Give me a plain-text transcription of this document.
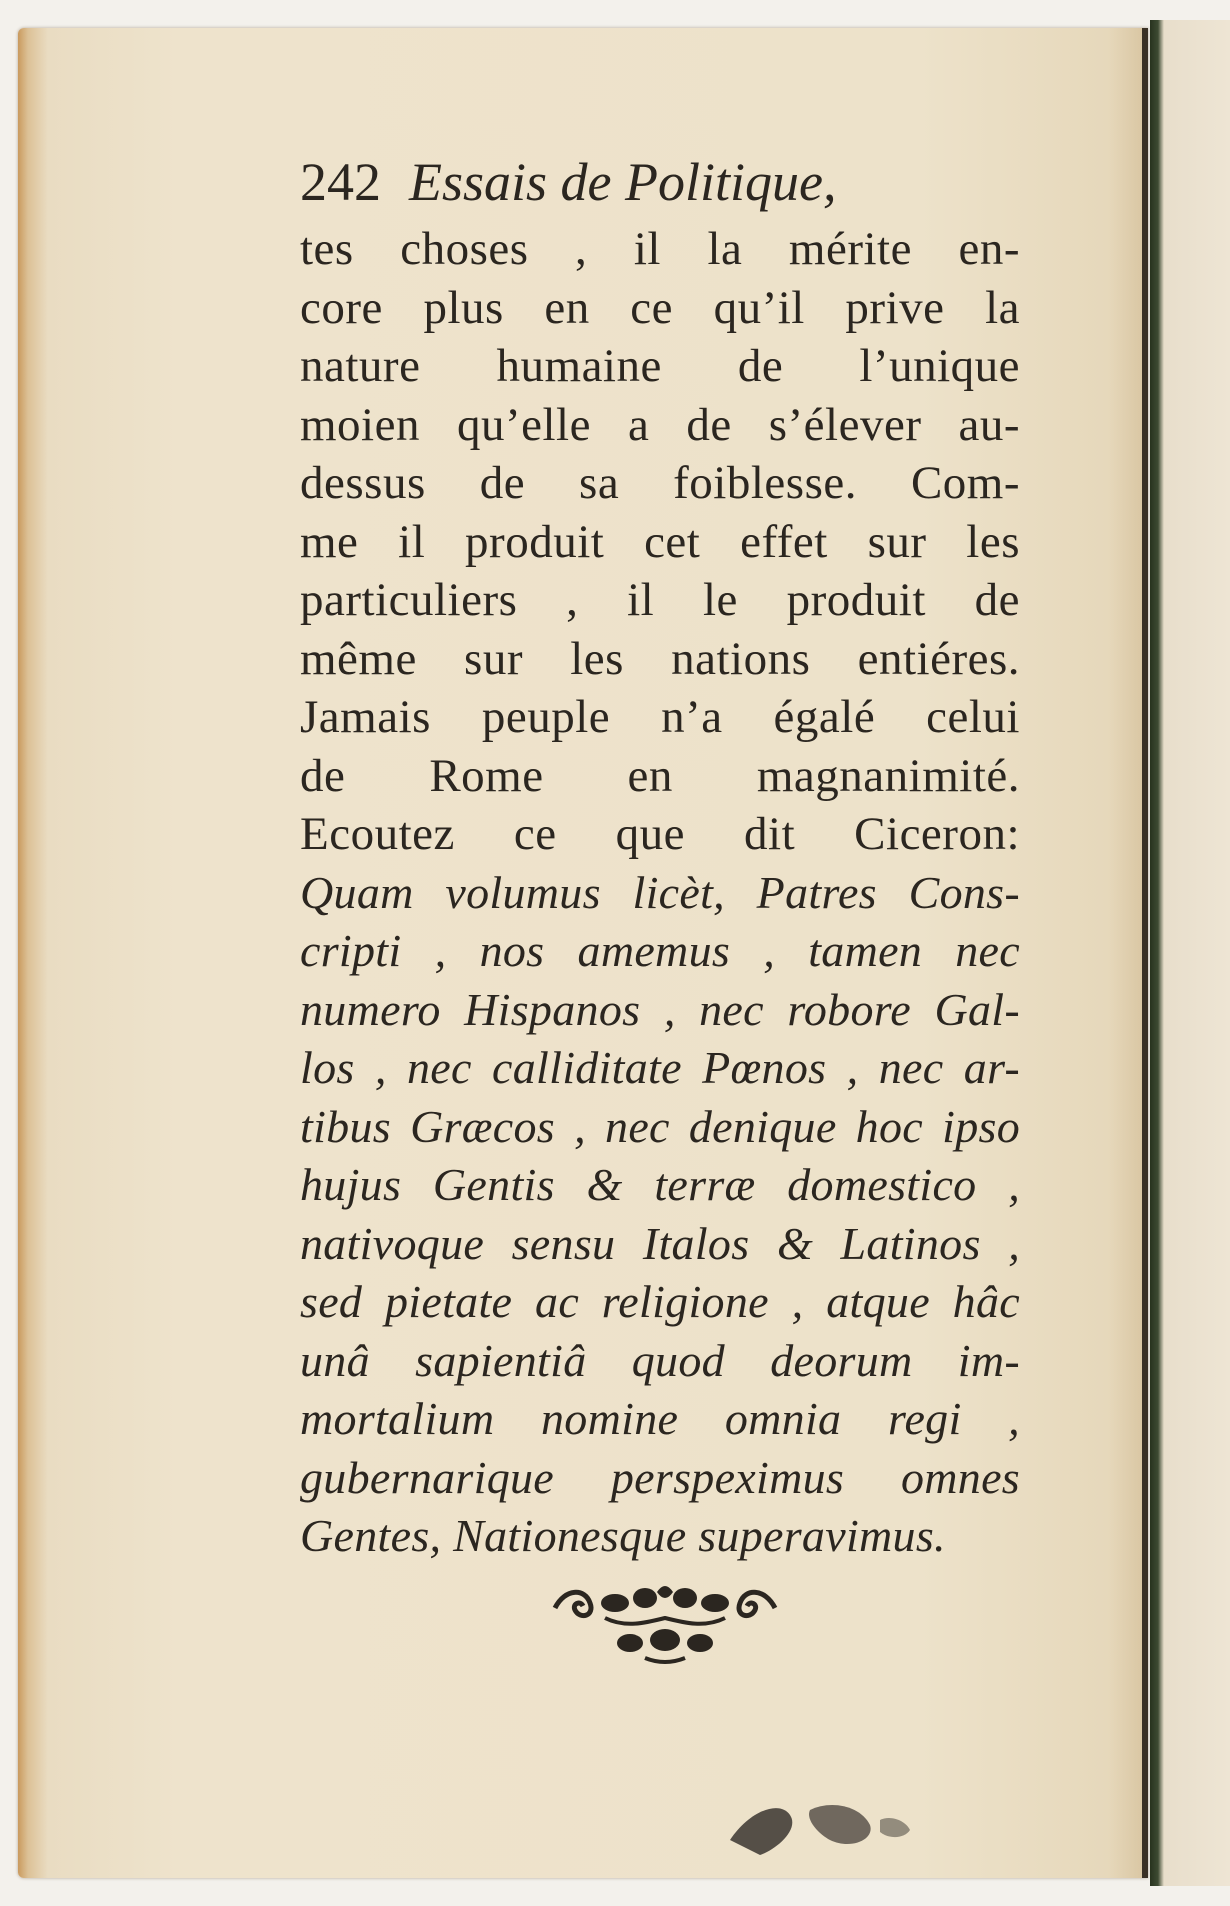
242 Essais de Politique,
tes choses , il la mérite en-
core plus en ce qu’il prive la
nature humaine de l’unique
moien qu’elle a de s’élever au-
dessus de sa foiblesse. Com-
me il produit cet effet sur les
particuliers , il le produit de
même sur les nations entiéres.
Jamais peuple n’a égalé celui
de Rome en magnanimité.
Ecoutez ce que dit Ciceron:
Quam volumus licèt, Patres Cons-
cripti , nos amemus , tamen nec
numero Hispanos , nec robore Gal-
los , nec calliditate Pœnos , nec ar-
tibus Græcos , nec denique hoc ipso
hujus Gentis & terræ domestico ,
nativoque sensu Italos & Latinos ,
sed pietate ac religione , atque hâc
unâ sapientiâ quod deorum im-
mortalium nomine omnia regi ,
gubernarique perspeximus omnes
Gentes, Nationesque superavimus.
